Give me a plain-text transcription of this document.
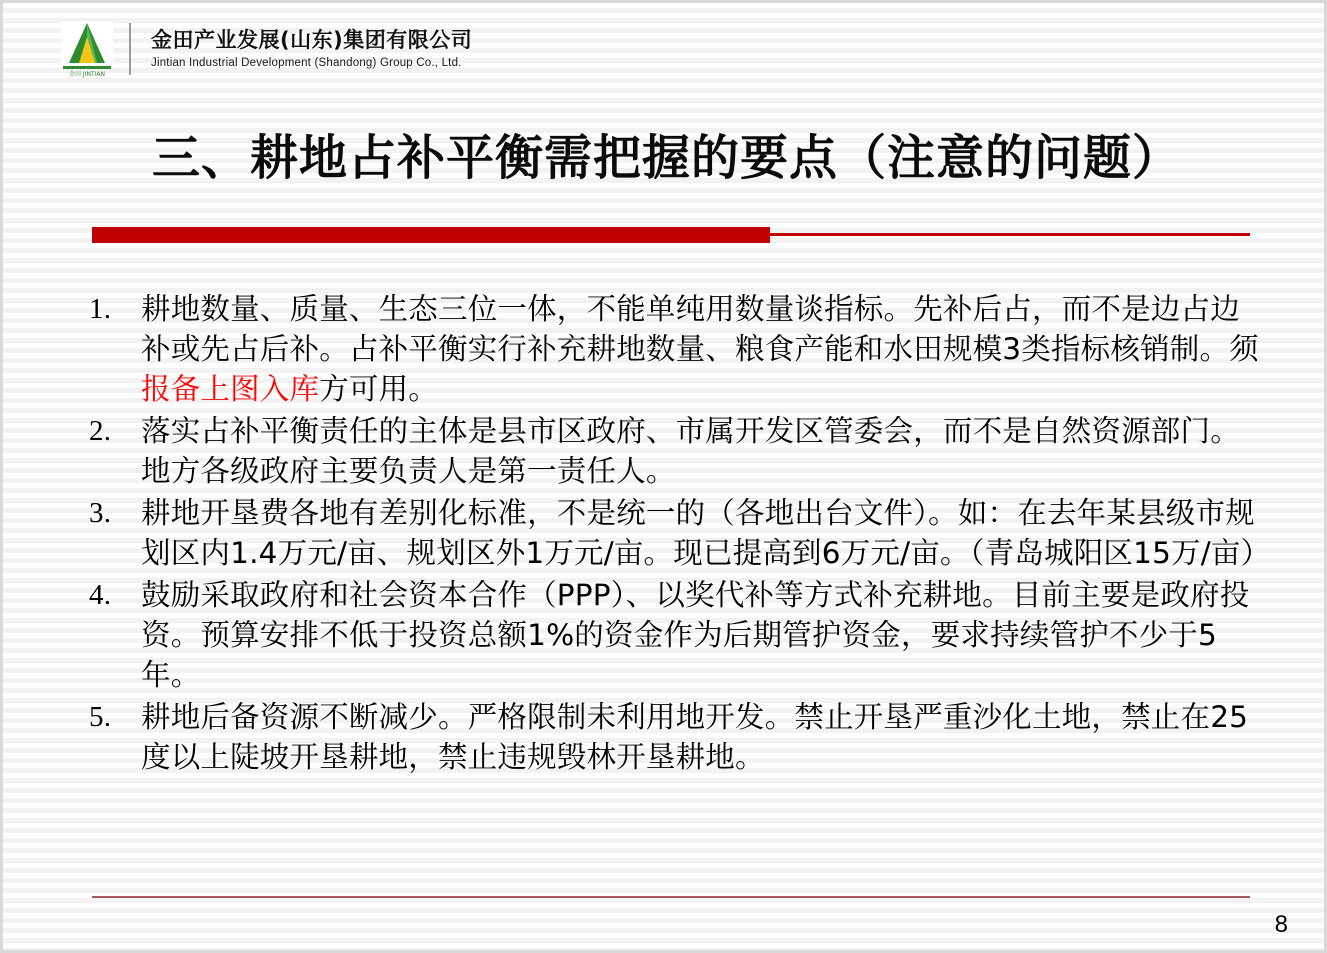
金田 JINTIAN
金田产业发展(山东)集团有限公司
Jintian Industrial Development (Shandong) Group Co., Ltd.
三、耕地占补平衡需把握的要点（注意的问题）
1.	耕地数量、质量、生态三位一体，不能单纯用数量谈指标。先补后占，而不是边占边补或先占后补。占补平衡实行补充耕地数量、粮食产能和水田规模3类指标核销制。须报备上图入库方可用。
2.	落实占补平衡责任的主体是县市区政府、市属开发区管委会，而不是自然资源部门。地方各级政府主要负责人是第一责任人。
3.	耕地开垦费各地有差别化标准，不是统一的（各地出台文件）。如：在去年某县级市规划区内1.4万元/亩、规划区外1万元/亩。现已提高到6万元/亩。（青岛城阳区15万/亩）
4.	鼓励采取政府和社会资本合作（PPP）、以奖代补等方式补充耕地。目前主要是政府投资。预算安排不低于投资总额1%的资金作为后期管护资金，要求持续管护不少于5年。
5.	耕地后备资源不断减少。严格限制未利用地开发。禁止开垦严重沙化土地，禁止在25度以上陡坡开垦耕地，禁止违规毁林开垦耕地。
8
